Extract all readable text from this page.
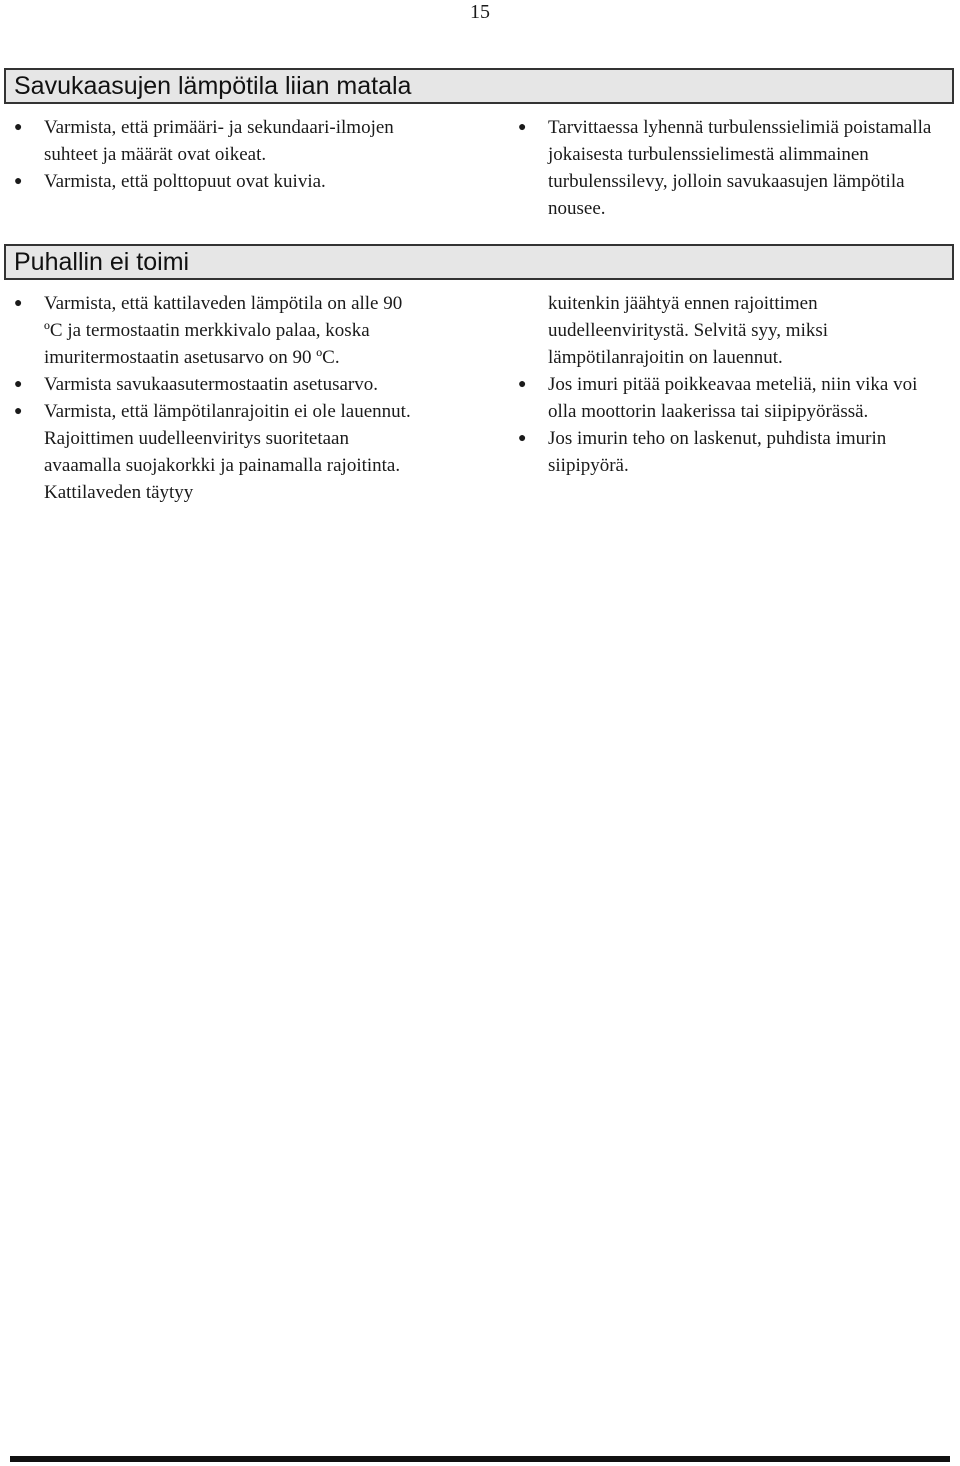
15
Savukaasujen lämpötila liian matala
● Varmista, että primääri- ja sekundaari-ilmojen suhteet ja määrät ovat oikeat.
● Varmista, että polttopuut ovat kuivia.
● Tarvittaessa lyhennä turbulenssielimiä poistamalla jokaisesta turbulenssielimestä alimmainen turbulenssilevy, jolloin savukaasujen lämpötila nousee.
Puhallin ei toimi
● Varmista, että kattilaveden lämpötila on alle 90 ºC ja termostaatin merkkivalo palaa, koska imuritermostaatin asetusarvo on 90 ºC.
● Varmista savukaasutermostaatin asetusarvo.
● Varmista, että lämpötilanrajoitin ei ole lauennut. Rajoittimen uudelleenviritys suoritetaan avaamalla suojakorkki ja painamalla rajoitinta. Kattilaveden täytyy
kuitenkin jäähtyä ennen rajoittimen uudelleenviritystä. Selvitä syy, miksi lämpötilanrajoitin on lauennut.
● Jos imuri pitää poikkeavaa meteliä, niin vika voi olla moottorin laakerissa tai siipipyörässä.
● Jos imurin teho on laskenut, puhdista imurin siipipyörä.
